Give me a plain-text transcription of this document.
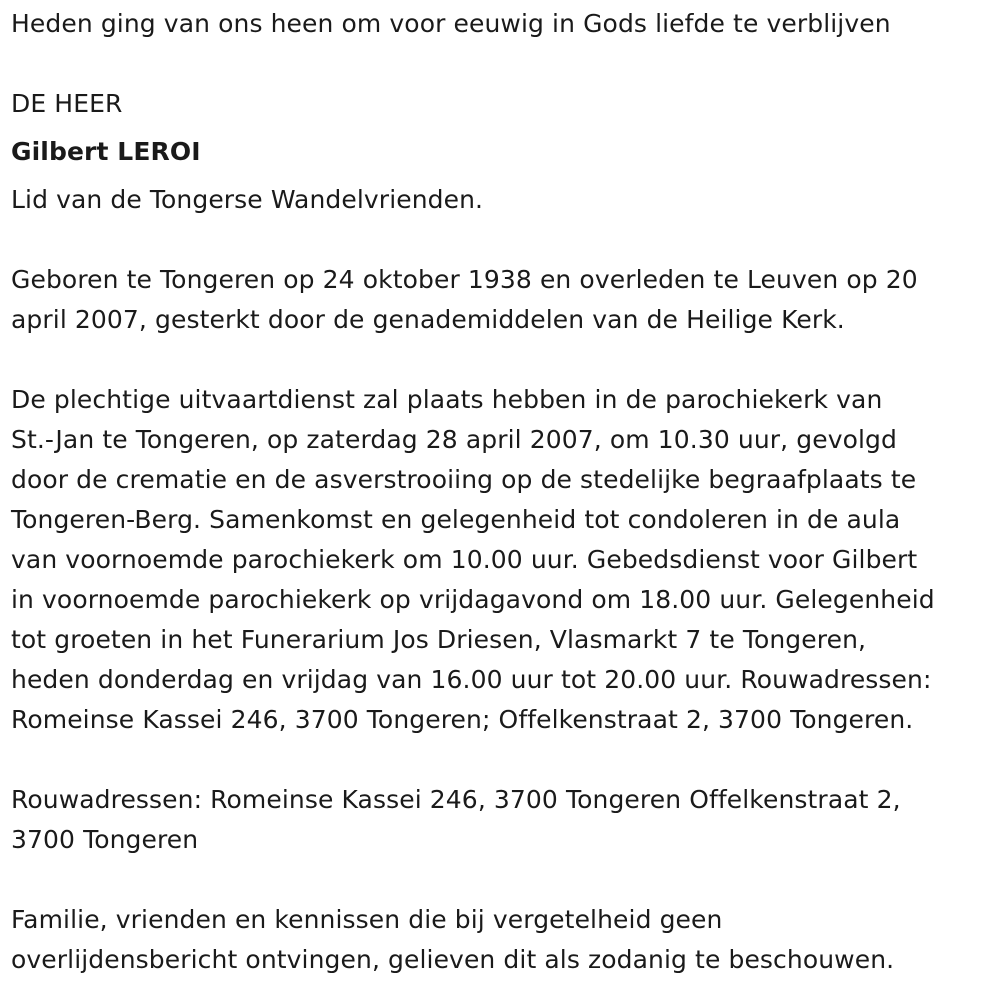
Heden ging van ons heen om voor eeuwig in Gods liefde te verblijven

DE HEER

Gilbert LEROI

Lid van de Tongerse Wandelvrienden.

Geboren te Tongeren op 24 oktober 1938 en overleden te Leuven op 20

april 2007, gesterkt door de genademiddelen van de Heilige Kerk.

De plechtige uitvaartdienst zal plaats hebben in de parochiekerk van

St.-Jan te Tongeren, op zaterdag 28 april 2007, om 10.30 uur, gevolgd

door de crematie en de asverstrooiing op de stedelijke begraafplaats te

Tongeren-Berg. Samenkomst en gelegenheid tot condoleren in de aula

van voornoemde parochiekerk om 10.00 uur. Gebedsdienst voor Gilbert

in voornoemde parochiekerk op vrijdagavond om 18.00 uur. Gelegenheid

tot groeten in het Funerarium Jos Driesen, Vlasmarkt 7 te Tongeren,

heden donderdag en vrijdag van 16.00 uur tot 20.00 uur. Rouwadressen:

Romeinse Kassei 246, 3700 Tongeren; Offelkenstraat 2, 3700 Tongeren.

Rouwadressen: Romeinse Kassei 246, 3700 Tongeren Offelkenstraat 2,

3700 Tongeren

Familie, vrienden en kennissen die bij vergetelheid geen

overlijdensbericht ontvingen, gelieven dit als zodanig te beschouwen.
